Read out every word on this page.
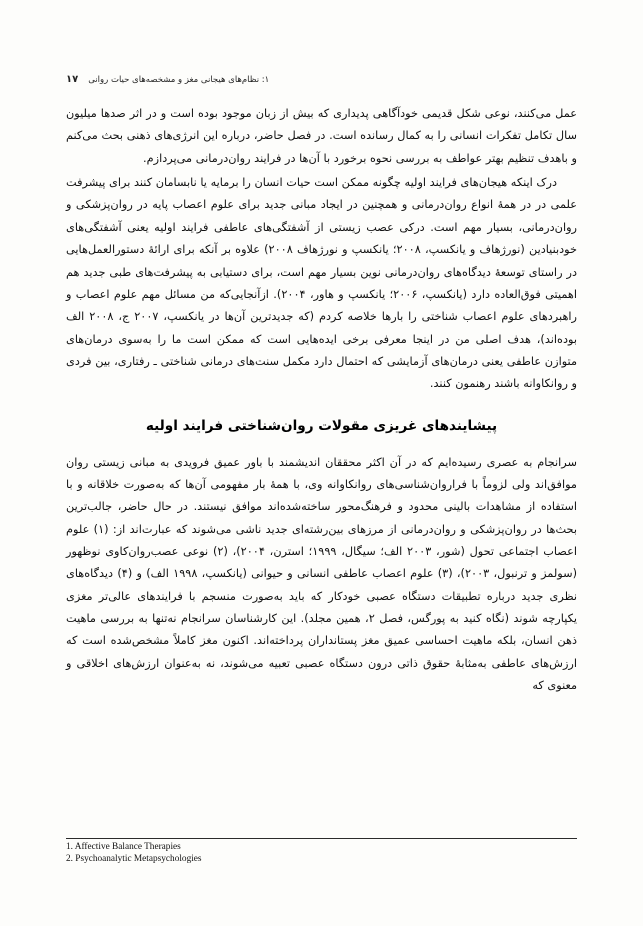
۱۷ ۱: نظام‌های هیجانی مغز و مشخصه‌های حیات روانی

عمل می‌کنند، نوعی شکل قدیمی خودآگاهی پدیداری که بیش از زبان موجود بوده است و در اثر صدها میلیون سال تکامل تفکرات انسانی را به کمال رسانده است. در فصل حاضر، درباره این انرژی‌های ذهنی بحث می‌کنم و باهدف تنظیم بهتر عواطف به بررسی نحوه برخورد با آن‌ها در فرایند روان‌درمانی می‌پردازم.

درک اینکه هیجان‌های فرایند اولیه چگونه ممکن است حیات انسان را برمایه یا نابسامان کنند برای پیشرفت علمی در در همهٔ انواع روان‌درمانی و همچنین در ایجاد مبانی جدید برای علوم اعصاب پایه در روان‌پزشکی و روان‌درمانی، بسیار مهم است. درکی عصب زیستی از آشفتگی‌های عاطفی فرایند اولیه یعنی آشفتگی‌های خودبنیادین (نورژهاف و یانکسپ، ۲۰۰۸؛ یانکسپ و نورژهاف ۲۰۰۸) علاوه بر آنکه برای ارائهٔ دستورالعمل‌هایی در راستای توسعهٔ دیدگاه‌های روان‌درمانی نوین بسیار مهم است، برای دستیابی به پیشرفت‌های طبی جدید هم اهمیتی فوق‌العاده دارد (یانکسپ، ۲۰۰۶؛ یانکسپ و هاور، ۲۰۰۴). ازآنجایی‌که من مسائل مهم علوم اعصاب و راهبردهای علوم اعصاب شناختی را بارها خلاصه کردم (که جدیدترین آن‌ها در یانکسپ، ۲۰۰۷ ج، ۲۰۰۸ الف بوده‌اند)، هدف اصلی من در اینجا معرفی برخی ایده‌هایی است که ممکن است ما را به‌سوی درمان‌های متوازن عاطفی یعنی درمان‌های آزمایشی که احتمال دارد مکمل سنت‌های درمانی شناختی ـ رفتاری، بین فردی و روانکاوانه باشند رهنمون کنند.

پیشایندهای غریزی مقولات روان‌شناختی فرایند اولیه

سرانجام به عصری رسیده‌ایم که در آن اکثر محققان اندیشمند با باور عمیق فرویدی به مبانی زیستی روان موافق‌اند ولی لزوماً با فراروان‌شناسی‌های روانکاوانه وی، با همهٔ بار مفهومی آن‌ها که به‌صورت خلاقانه و با استفاده از مشاهدات بالینی محدود و فرهنگ‌محور ساخته‌شده‌اند موافق نیستند. در حال حاضر، جالب‌ترین بحث‌ها در روان‌پزشکی و روان‌درمانی از مرزهای بین‌رشته‌ای جدید ناشی می‌شوند که عبارت‌اند از: (۱) علوم اعصاب اجتماعی تحول (شور، ۲۰۰۳ الف؛ سیگال، ۱۹۹۹؛ استرن، ۲۰۰۴)، (۲) نوعی عصب‌روان‌کاوی نوظهور (سولمز و ترنبول، ۲۰۰۳)، (۳) علوم اعصاب عاطفی انسانی و حیوانی (یانکسپ، ۱۹۹۸ الف) و (۴) دیدگاه‌های نظری جدید درباره تطبیقات دستگاه عصبی خودکار که باید به‌صورت منسجم با فرایندهای عالی‌تر مغزی یکپارچه شوند (نگاه کنید به پورگس، فصل ۲، همین مجلد). این کارشناسان سرانجام نه‌تنها به بررسی ماهیت ذهن انسان، بلکه ماهیت احساسی عمیق مغز پستانداران پرداخته‌اند. اکنون مغز کاملاً مشخص‌شده است که ارزش‌های عاطفی به‌مثابهٔ حقوق ذاتی درون دستگاه عصبی تعبیه می‌شوند، نه به‌عنوان ارزش‌های اخلاقی و معنوی که

1. Affective Balance Therapies
2. Psychoanalytic Metapsychologies
